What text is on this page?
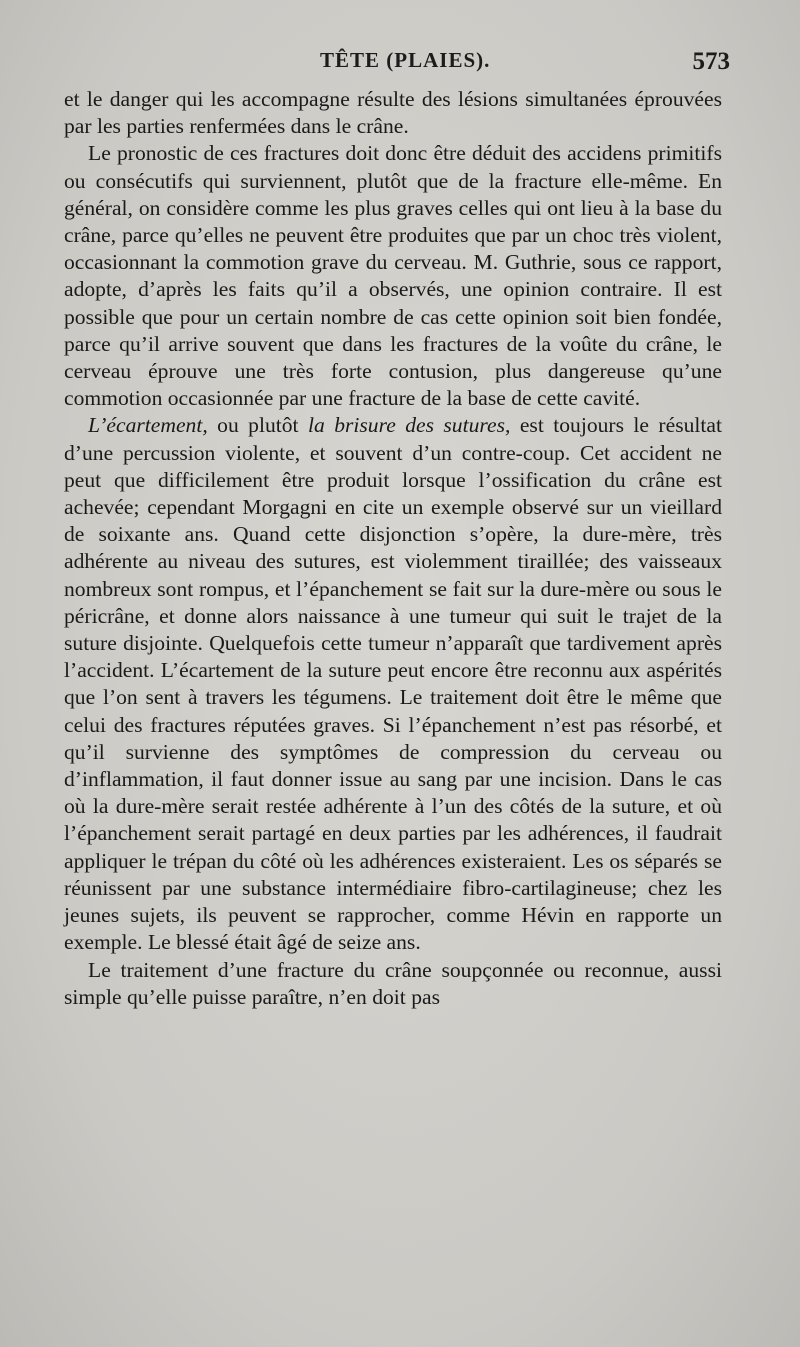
TÊTE (PLAIES).	573

et le danger qui les accompagne résulte des lésions simultanées éprouvées par les parties renfermées dans le crâne.

Le pronostic de ces fractures doit donc être déduit des accidens primitifs ou consécutifs qui surviennent, plutôt que de la fracture elle-même. En général, on considère comme les plus graves celles qui ont lieu à la base du crâne, parce qu’elles ne peuvent être produites que par un choc très violent, occasionnant la commotion grave du cerveau. M. Guthrie, sous ce rapport, adopte, d’après les faits qu’il a observés, une opinion contraire. Il est possible que pour un certain nombre de cas cette opinion soit bien fondée, parce qu’il arrive souvent que dans les fractures de la voûte du crâne, le cerveau éprouve une très forte contusion, plus dangereuse qu’une commotion occasionnée par une fracture de la base de cette cavité.

L’écartement, ou plutôt la brisure des sutures, est toujours le résultat d’une percussion violente, et souvent d’un contre-coup. Cet accident ne peut que difficilement être produit lorsque l’ossification du crâne est achevée; cependant Morgagni en cite un exemple observé sur un vieillard de soixante ans. Quand cette disjonction s’opère, la dure-mère, très adhérente au niveau des sutures, est violemment tiraillée; des vaisseaux nombreux sont rompus, et l’épanchement se fait sur la dure-mère ou sous le péricrâne, et donne alors naissance à une tumeur qui suit le trajet de la suture disjointe. Quelquefois cette tumeur n’apparaît que tardivement après l’accident. L’écartement de la suture peut encore être reconnu aux aspérités que l’on sent à travers les tégumens. Le traitement doit être le même que celui des fractures réputées graves. Si l’épanchement n’est pas résorbé, et qu’il survienne des symptômes de compression du cerveau ou d’inflammation, il faut donner issue au sang par une incision. Dans le cas où la dure-mère serait restée adhérente à l’un des côtés de la suture, et où l’épanchement serait partagé en deux parties par les adhérences, il faudrait appliquer le trépan du côté où les adhérences existeraient. Les os séparés se réunissent par une substance intermédiaire fibro-cartilagineuse; chez les jeunes sujets, ils peuvent se rapprocher, comme Hévin en rapporte un exemple. Le blessé était âgé de seize ans.

Le traitement d’une fracture du crâne soupçonnée ou reconnue, aussi simple qu’elle puisse paraître, n’en doit pas
